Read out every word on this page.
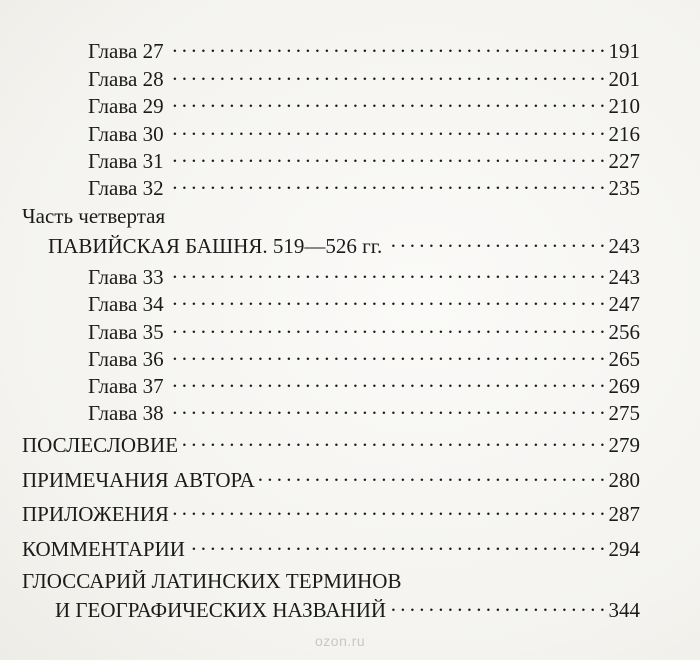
Глава 27 . . .	191
Глава 28 . . .	201
Глава 29 . . .	210
Глава 30 . . .	216
Глава 31 . . .	227
Глава 32 . . .	235
Часть четвертая
ПАВИЙСКАЯ БАШНЯ. 519—526 гг. . . .	243
Глава 33 . . .	243
Глава 34 . . .	247
Глава 35 . . .	256
Глава 36 . . .	265
Глава 37 . . .	269
Глава 38 . . .	275
ПОСЛЕСЛОВИЕ . . .	279
ПРИМЕЧАНИЯ АВТОРА . . .	280
ПРИЛОЖЕНИЯ . . .	287
КОММЕНТАРИИ . . .	294
ГЛОССАРИЙ ЛАТИНСКИХ ТЕРМИНОВ
И ГЕОГРАФИЧЕСКИХ НАЗВАНИЙ . . .	344
ozon.ru
